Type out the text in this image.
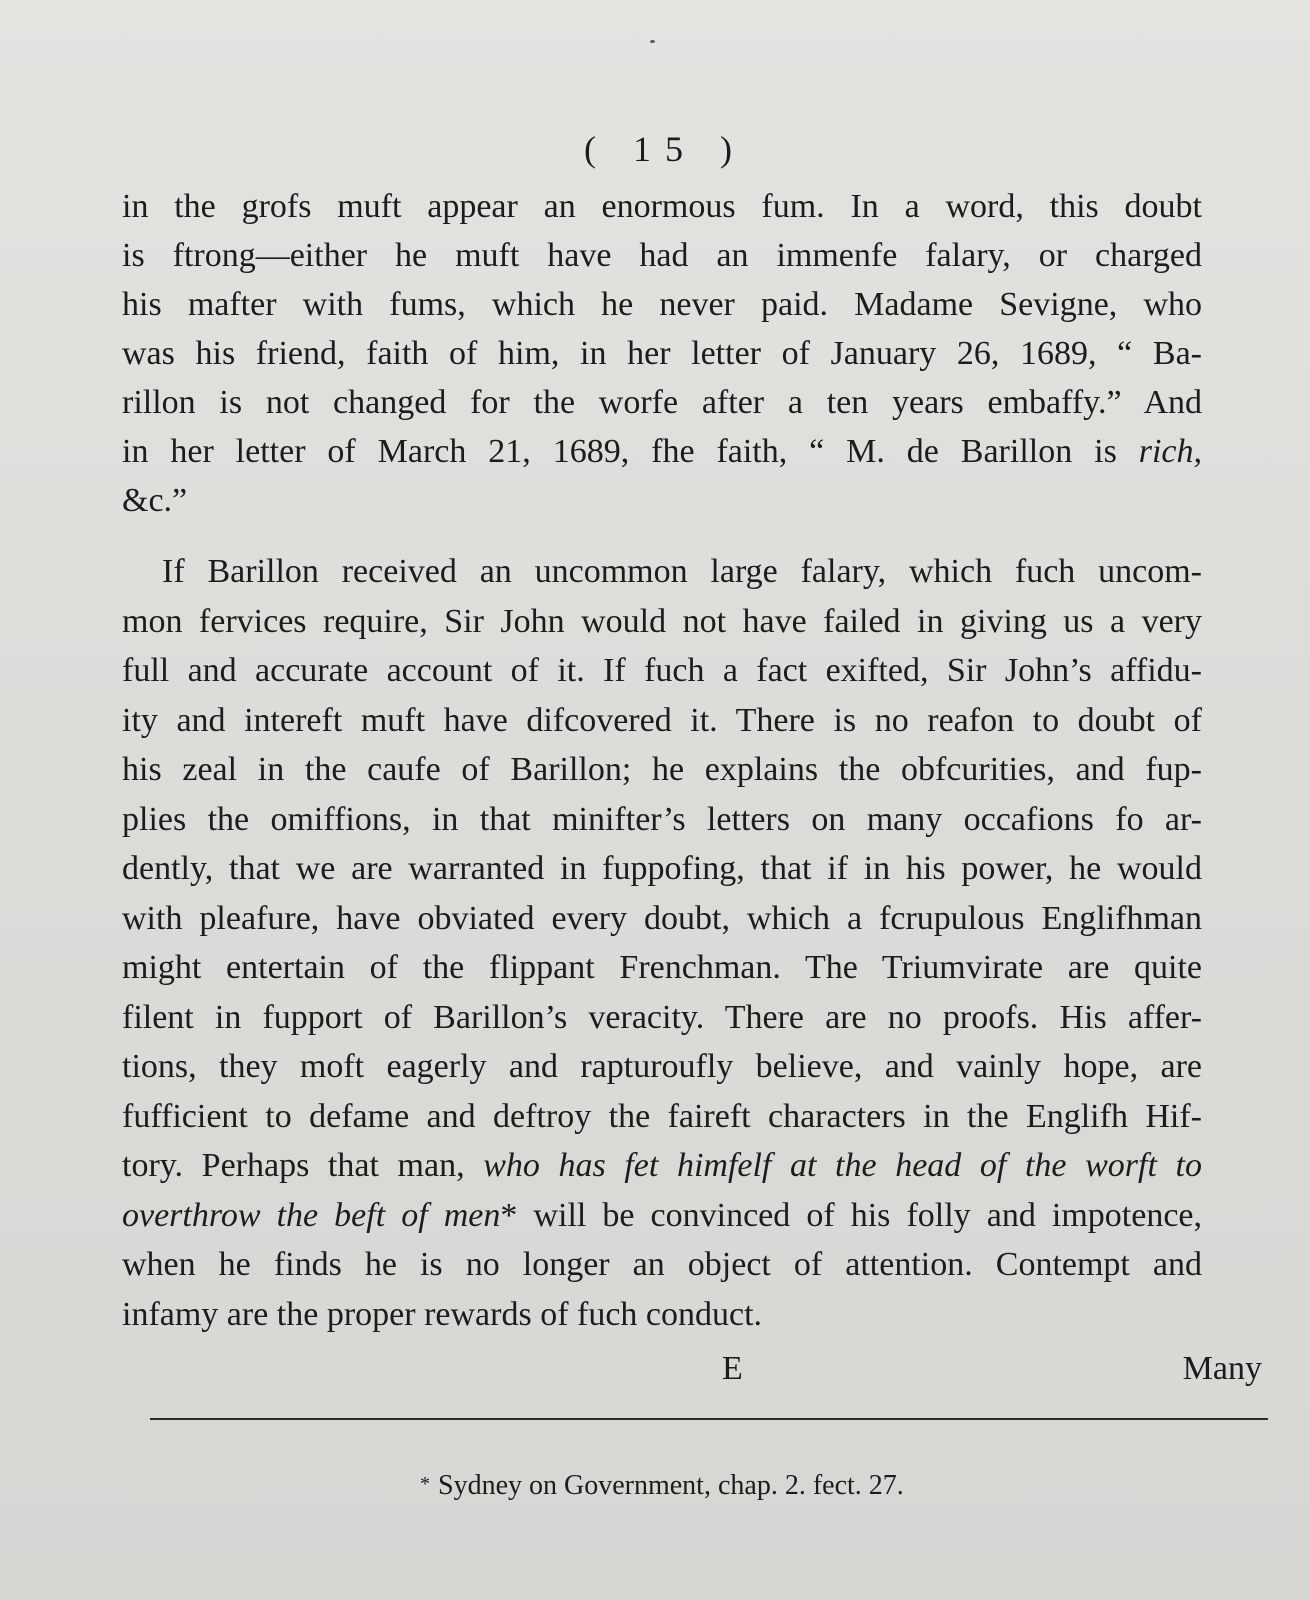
( 15 )
in the grofs muft appear an enormous fum. In a word, this doubt
is ftrong—either he muft have had an immenfe falary, or charged
his mafter with fums, which he never paid. Madame Sevigne, who
was his friend, faith of him, in her letter of January 26, 1689, “ Ba-
rillon is not changed for the worfe after a ten years embaffy.” And
in her letter of March 21, 1689, fhe faith, “ M. de Barillon is rich,
&c.”
If Barillon received an uncommon large falary, which fuch uncom-
mon fervices require, Sir John would not have failed in giving us a very
full and accurate account of it. If fuch a fact exifted, Sir John’s affidu-
ity and intereft muft have difcovered it. There is no reafon to doubt of
his zeal in the caufe of Barillon; he explains the obfcurities, and fup-
plies the omiffions, in that minifter’s letters on many occafions fo ar-
dently, that we are warranted in fuppofing, that if in his power, he would
with pleafure, have obviated every doubt, which a fcrupulous Englifhman
might entertain of the flippant Frenchman. The Triumvirate are quite
filent in fupport of Barillon’s veracity. There are no proofs. His affer-
tions, they moft eagerly and rapturoufly believe, and vainly hope, are
fufficient to defame and deftroy the faireft characters in the Englifh Hif-
tory. Perhaps that man, who has fet himfelf at the head of the worft to
overthrow the beft of men* will be convinced of his folly and impotence,
when he finds he is no longer an object of attention. Contempt and
infamy are the proper rewards of fuch conduct.
E	Many
* Sydney on Government, chap. 2. fect. 27.
